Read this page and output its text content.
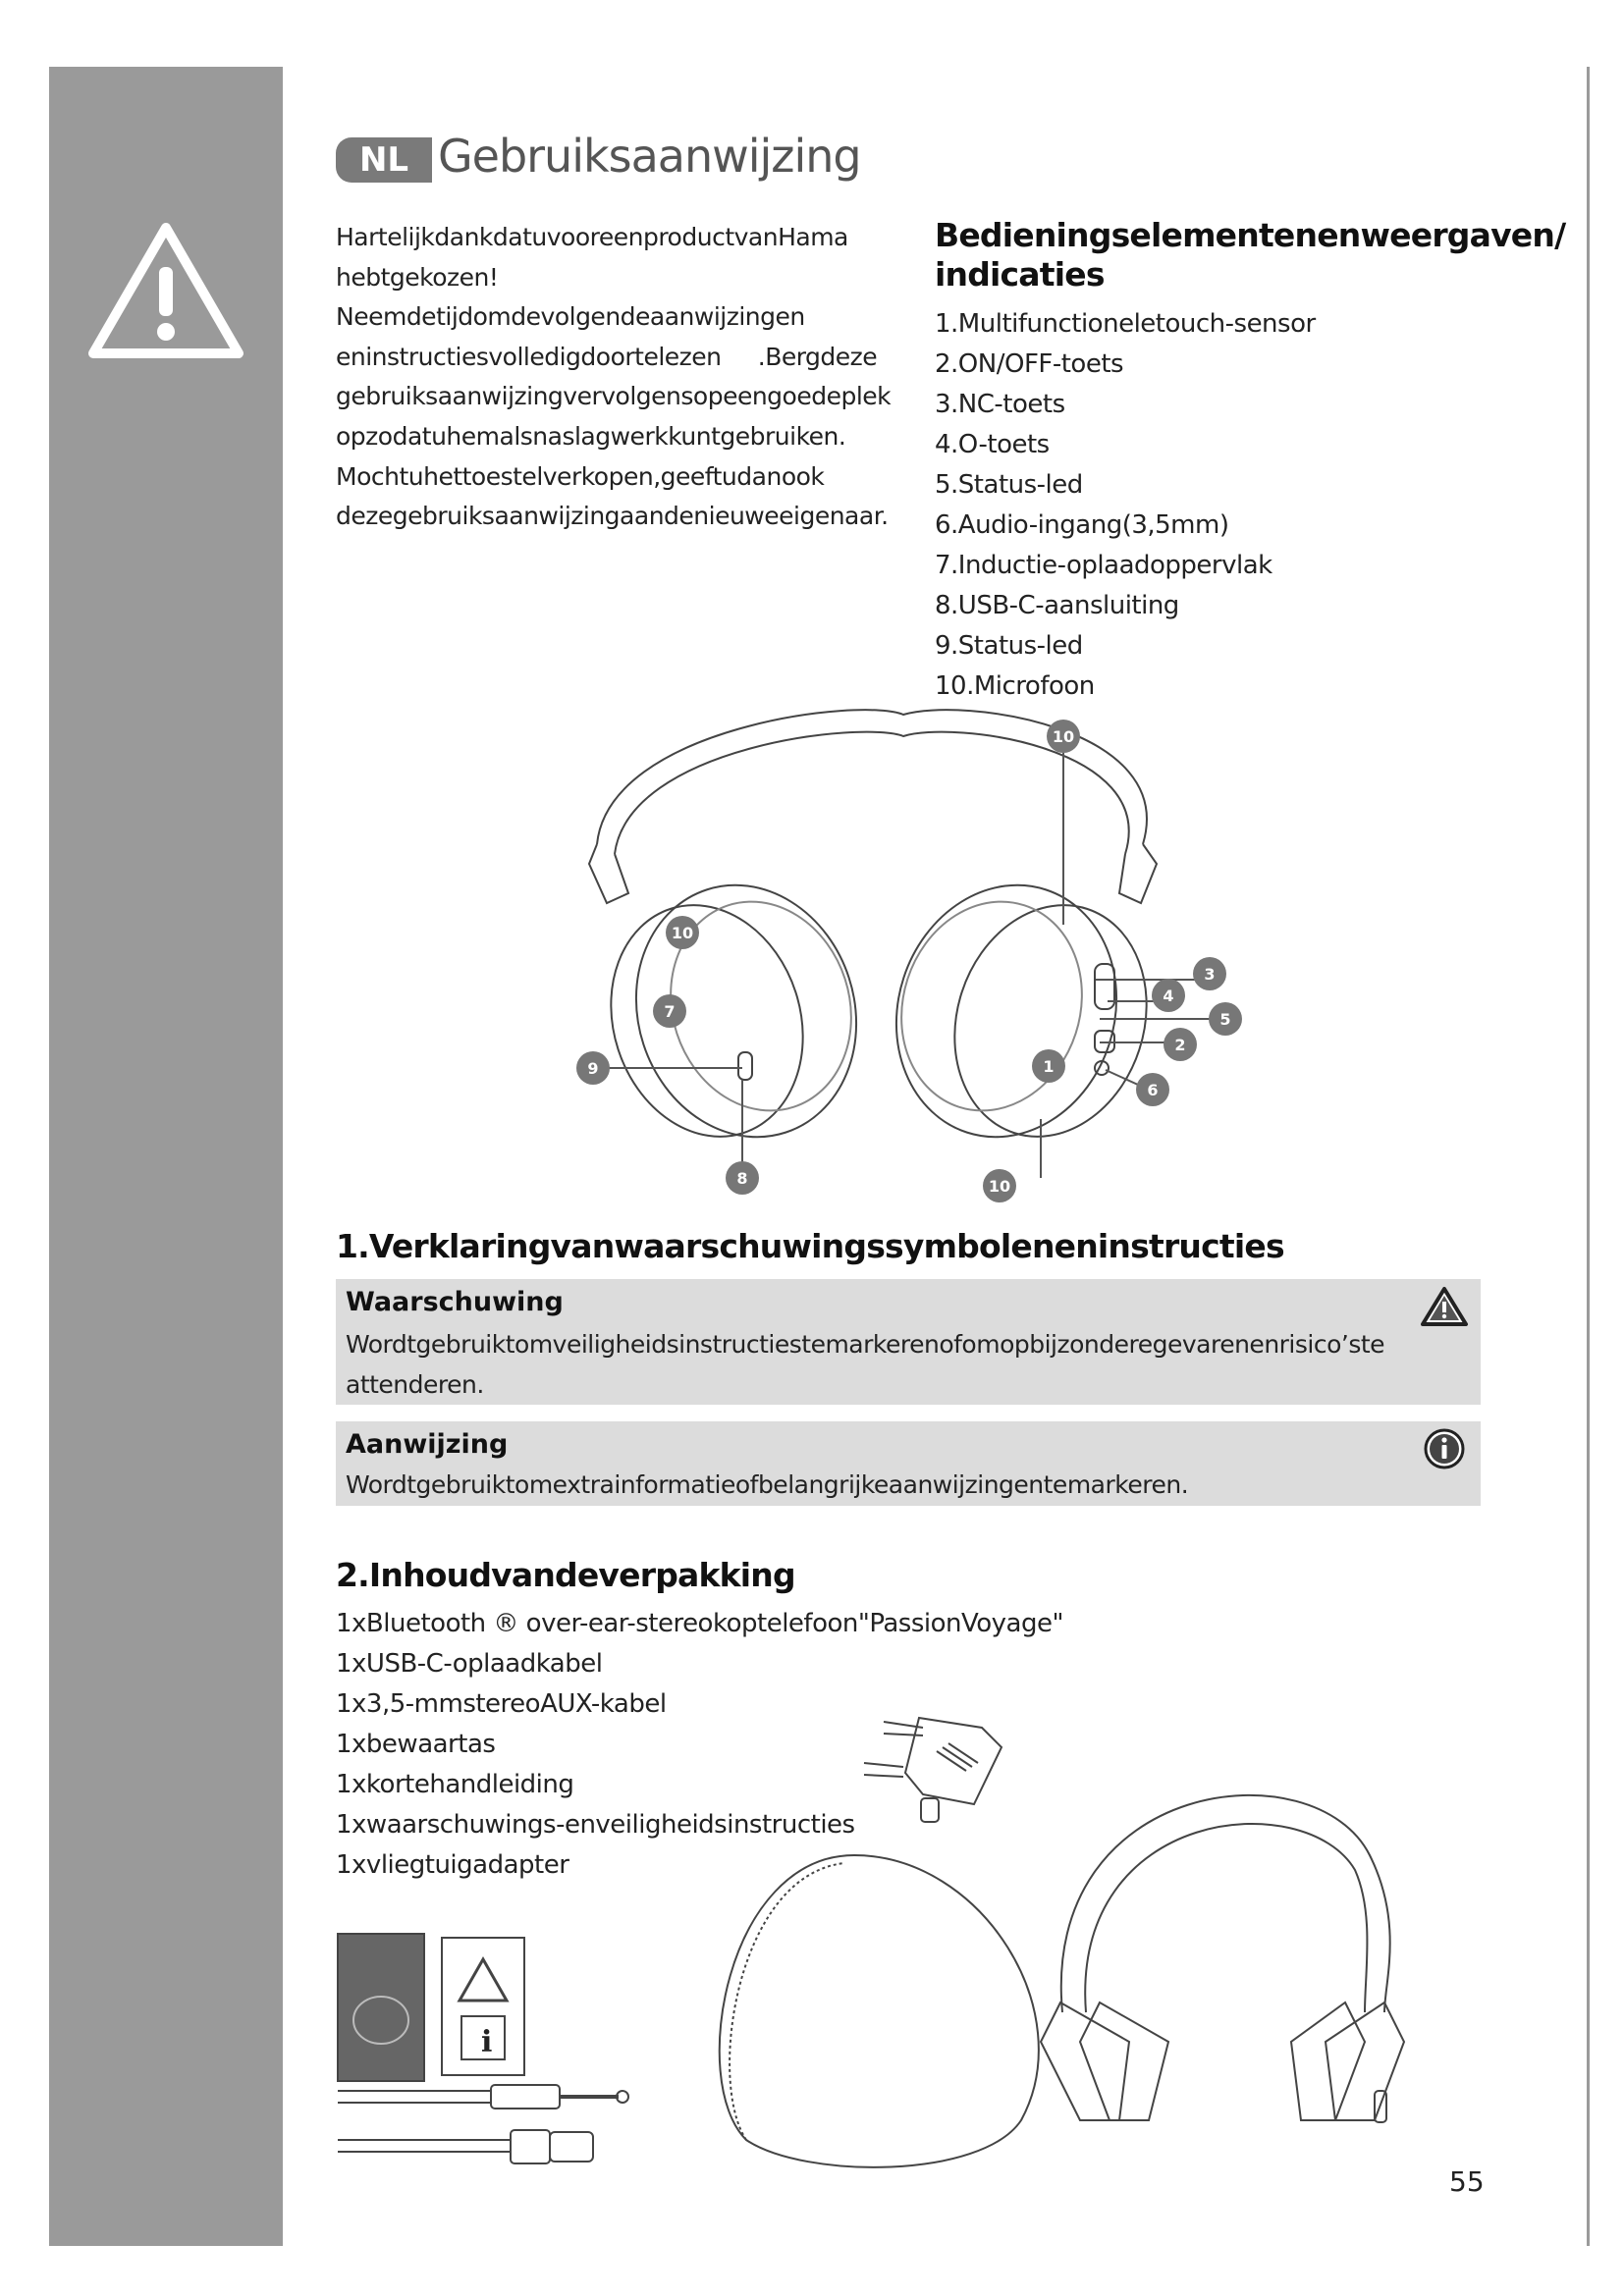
NL Gebruiksaanwijzing

HartelijkdankdatuvooreenproductvanHama

hebtgekozen!

Neemdetijdomdevolgendeaanwijzingen

eninstructiesvolledigdoortelezen     .Bergdeze

gebruiksaanwijzingvervolgensopeengoedeplek

opzodatuhemalsnaslagwerkkuntgebruiken.

Mochtuhettoestelverkopen,geeftudanook

dezegebruiksaanwijzingaandenieuweeigenaar.

Bedieningselementenenweergaven/ indicaties
1.Multifunctioneletouch-sensor
2.ON/OFF-toets
3.NC-toets
4.O-toets
5.Status-led
6.Audio-ingang(3,5mm)
7.Inductie-oplaadoppervlak
8.USB-C-aansluiting
9.Status-led
10.Microfoon
10
10
7
9
8	10
3
4
5
2
1
6
1.Verklaringvanwaarschuwingssymboleneninstructies
Waarschuwing
Wordtgebruiktomveiligheidsinstructiestemarkerenofomopbijzonderegevarenenrisico’ste attenderen.
Aanwijzing
Wordtgebruiktomextrainformatieofbelangrijkeaanwijzingentemarkeren.
2.Inhoudvandeverpakking
1xBluetooth ® over-ear-stereokoptelefoon"PassionVoyage"
1xUSB-C-oplaadkabel
1x3,5-mmstereoAUX-kabel
1xbewaartas
1xkortehandleiding
1xwaarschuwings-enveiligheidsinstructies
1xvliegtuigadapter
i
55
